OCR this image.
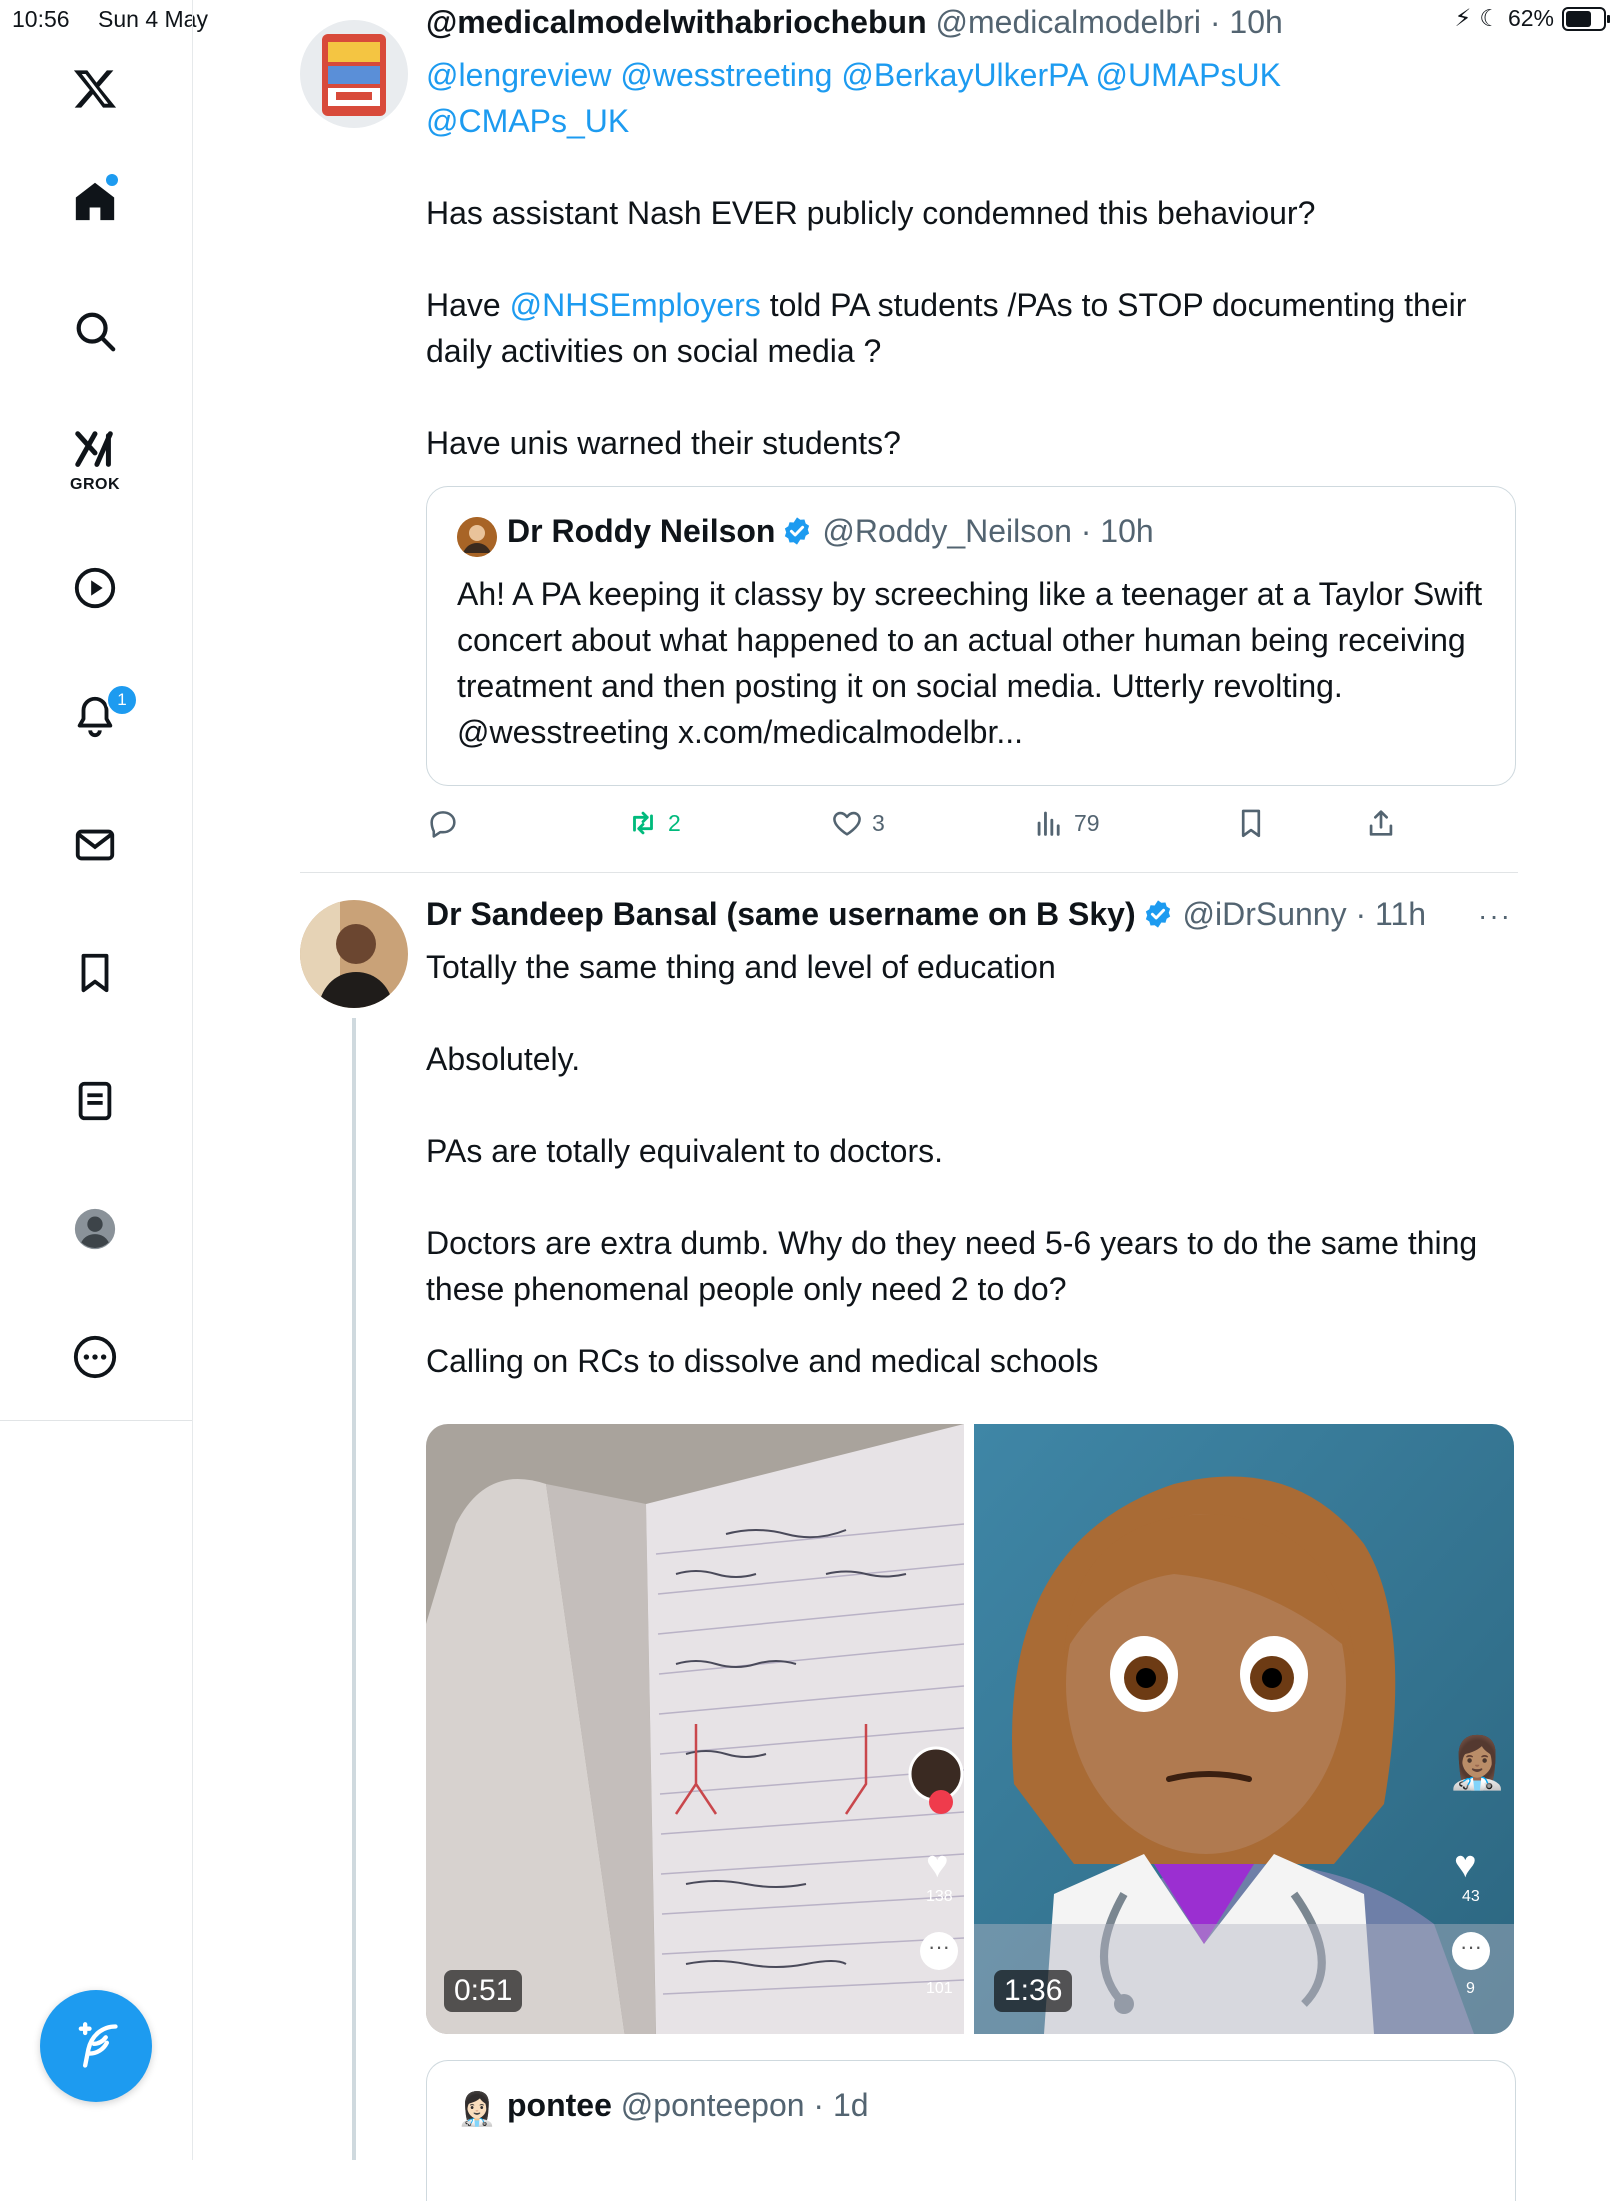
10:56 Sun 4 May	⚡ ☾ 62%
GROK
1
@medicalmodelwithabriochebun @medicalmodelbri · 10h

@lengreview @wesstreeting @BerkayUlkerPA @UMAPsUK

@CMAPs_UK

Has assistant Nash EVER publicly condemned this behaviour?

Have @NHSEmployers told PA students /PAs to STOP documenting their daily activities on social media ?

Have unis warned their students?

Dr Roddy Neilson @Roddy_Neilson · 10h
Ah! A PA keeping it classy by screeching like a teenager at a Taylor Swift concert about what happened to an actual other human being receiving treatment and then posting it on social media. Utterly revolting. @wesstreeting x.com/medicalmodelbr...
2	3	79
Dr Sandeep Bansal (same username on B Sky) @iDrSunny · 11h ···

Totally the same thing and level of education

Absolutely.

PAs are totally equivalent to doctors.

Doctors are extra dumb. Why do they need 5-6 years to do the same thing these phenomenal people only need 2 to do?

Calling on RCs to dissolve and medical schools

♥
138
···
101
0:51
👩🏽‍⚕️
♥
43
···
9
1:36
👩🏻‍⚕️ pontee @ponteepon · 1d
